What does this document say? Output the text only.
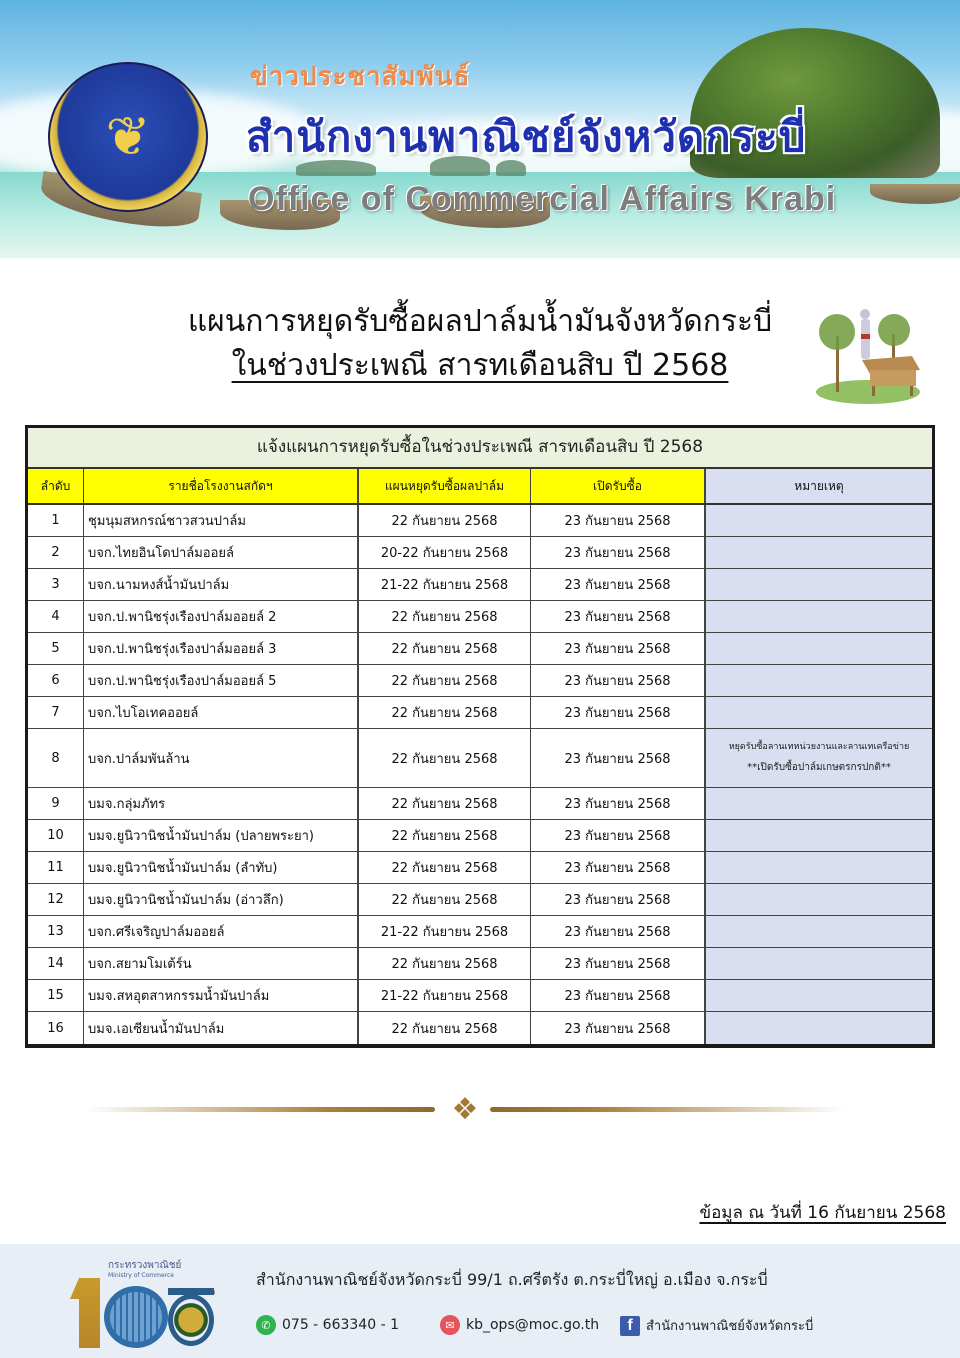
❦
ข่าวประชาสัมพันธ์
สำนักงานพาณิชย์จังหวัดกระบี่
Office of Commercial Affairs Krabi
แผนการหยุดรับซื้อผลปาล์มน้ำมันจังหวัดกระบี่
ในช่วงประเพณี สารทเดือนสิบ ปี 2568
แจ้งแผนการหยุดรับซื้อในช่วงประเพณี สารทเดือนสิบ ปี 2568
ลำดับ	รายชื่อโรงงานสกัดฯ	แผนหยุดรับซื้อผลปาล์ม	เปิดรับซื้อ	หมายเหตุ
1	ชุมนุมสหกรณ์ชาวสวนปาล์ม	22 กันยายน 2568	23 กันยายน 2568
2	บจก.ไทยอินโดปาล์มออยล์	20-22 กันยายน 2568	23 กันยายน 2568
3	บจก.นามหงส์น้ำมันปาล์ม	21-22 กันยายน 2568	23 กันยายน 2568
4	บจก.ป.พานิชรุ่งเรืองปาล์มออยล์ 2	22 กันยายน 2568	23 กันยายน 2568
5	บจก.ป.พานิชรุ่งเรืองปาล์มออยล์ 3	22 กันยายน 2568	23 กันยายน 2568
6	บจก.ป.พานิชรุ่งเรืองปาล์มออยล์ 5	22 กันยายน 2568	23 กันยายน 2568
7	บจก.ไบโอเทคออยล์	22 กันยายน 2568	23 กันยายน 2568
8	บจก.ปาล์มพันล้าน	22 กันยายน 2568	23 กันยายน 2568
หยุดรับซื้อลานเทหน่วยงานและลานเทเครือข่าย
**เปิดรับซื้อปาล์มเกษตรกรปกติ**
9	บมจ.กลุ่มภัทร	22 กันยายน 2568	23 กันยายน 2568
10	บมจ.ยูนิวานิชน้ำมันปาล์ม (ปลายพระยา)	22 กันยายน 2568	23 กันยายน 2568
11	บมจ.ยูนิวานิชน้ำมันปาล์ม (ลำทับ)	22 กันยายน 2568	23 กันยายน 2568
12	บมจ.ยูนิวานิชน้ำมันปาล์ม (อ่าวลึก)	22 กันยายน 2568	23 กันยายน 2568
13	บจก.ศรีเจริญปาล์มออยล์	21-22 กันยายน 2568	23 กันยายน 2568
14	บจก.สยามโมเต้ร์น	22 กันยายน 2568	23 กันยายน 2568
15	บมจ.สหอุตสาหกรรมน้ำมันปาล์ม	21-22 กันยายน 2568	23 กันยายน 2568
16	บมจ.เอเซียนน้ำมันปาล์ม	22 กันยายน 2568	23 กันยายน 2568
❖
ข้อมูล ณ วันที่ 16 กันยายน 2568
กระทรวงพาณิชย์
Ministry of Commerce
th
สำนักงานพาณิชย์จังหวัดกระบี่ 99/1 ถ.ศรีตรัง ต.กระบี่ใหญ่ อ.เมือง จ.กระบี่
✆ 075 - 663340 - 1	✉ kb_ops@moc.go.th	f	สำนักงานพาณิชย์จังหวัดกระบี่
